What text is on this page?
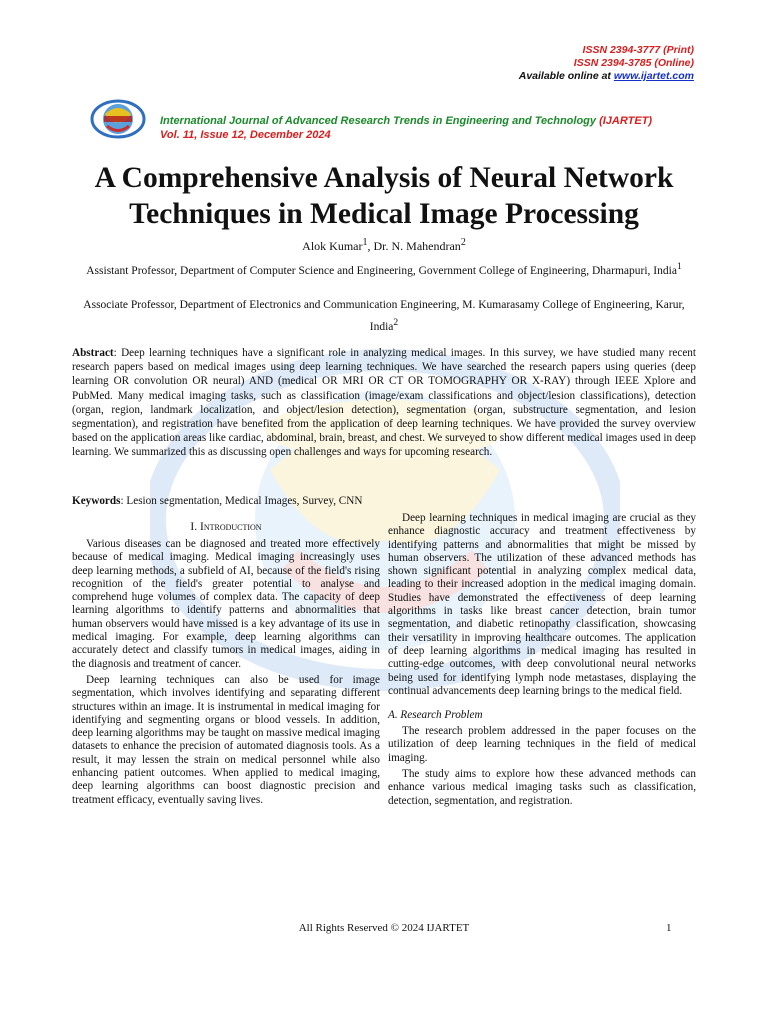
ISSN 2394-3777 (Print)
ISSN 2394-3785 (Online)
Available online at www.ijartet.com
International Journal of Advanced Research Trends in Engineering and Technology (IJARTET)
Vol. 11, Issue 12, December 2024
A Comprehensive Analysis of Neural Network Techniques in Medical Image Processing
Alok Kumar$^1$, Dr. N. Mahendran$^2$

Assistant Professor, Department of Computer Science and Engineering, Government College of Engineering, Dharmapuri, India$^1$

Associate Professor, Department of Electronics and Communication Engineering, M. Kumarasamy College of Engineering, Karur, India$^2$

Abstract: Deep learning techniques have a significant role in analyzing medical images. In this survey, we have studied many recent research papers based on medical images using deep learning techniques. We have searched the research papers using queries (deep learning OR convolution OR neural) AND (medical OR MRI OR CT OR TOMOGRAPHY OR X-RAY) through IEEE Xplore and PubMed. Many medical imaging tasks, such as classification (image/exam classifications and object/lesion classifications), detection (organ, region, landmark localization, and object/lesion detection), segmentation (organ, substructure segmentation, and lesion segmentation), and registration have benefited from the application of deep learning techniques. We have provided the survey overview based on the application areas like cardiac, abdominal, brain, breast, and chest. We surveyed to show different medical images used in deep learning. We summarized this as discussing open challenges and ways for upcoming research.

Keywords: Lesion segmentation, Medical Images, Survey, CNN

I. Introduction

Various diseases can be diagnosed and treated more effectively because of medical imaging. Medical imaging increasingly uses deep learning methods, a subfield of AI, because of the field's rising recognition of the field's greater potential to analyse and comprehend huge volumes of complex data. The capacity of deep learning algorithms to identify patterns and abnormalities that human observers would have missed is a key advantage of its use in medical imaging. For example, deep learning algorithms can accurately detect and classify tumors in medical images, aiding in the diagnosis and treatment of cancer.

Deep learning techniques can also be used for image segmentation, which involves identifying and separating different structures within an image. It is instrumental in medical imaging for identifying and segmenting organs or blood vessels. In addition, deep learning algorithms may be taught on massive medical imaging datasets to enhance the precision of automated diagnosis tools. As a result, it may lessen the strain on medical personnel while also enhancing patient outcomes. When applied to medical imaging, deep learning algorithms can boost diagnostic precision and treatment efficacy, eventually saving lives.

Deep learning techniques in medical imaging are crucial as they enhance diagnostic accuracy and treatment effectiveness by identifying patterns and abnormalities that might be missed by human observers. The utilization of these advanced methods has shown significant potential in analyzing complex medical data, leading to their increased adoption in the medical imaging domain. Studies have demonstrated the effectiveness of deep learning algorithms in tasks like breast cancer detection, brain tumor segmentation, and diabetic retinopathy classification, showcasing their versatility in improving healthcare outcomes. The application of deep learning algorithms in medical imaging has resulted in cutting-edge outcomes, with deep convolutional neural networks being used for identifying lymph node metastases, displaying the continual advancements deep learning brings to the medical field.

A. Research Problem

The research problem addressed in the paper focuses on the utilization of deep learning techniques in the field of medical imaging.

The study aims to explore how these advanced methods can enhance various medical imaging tasks such as classification, detection, segmentation, and registration.

All Rights Reserved © 2024 IJARTET	1
